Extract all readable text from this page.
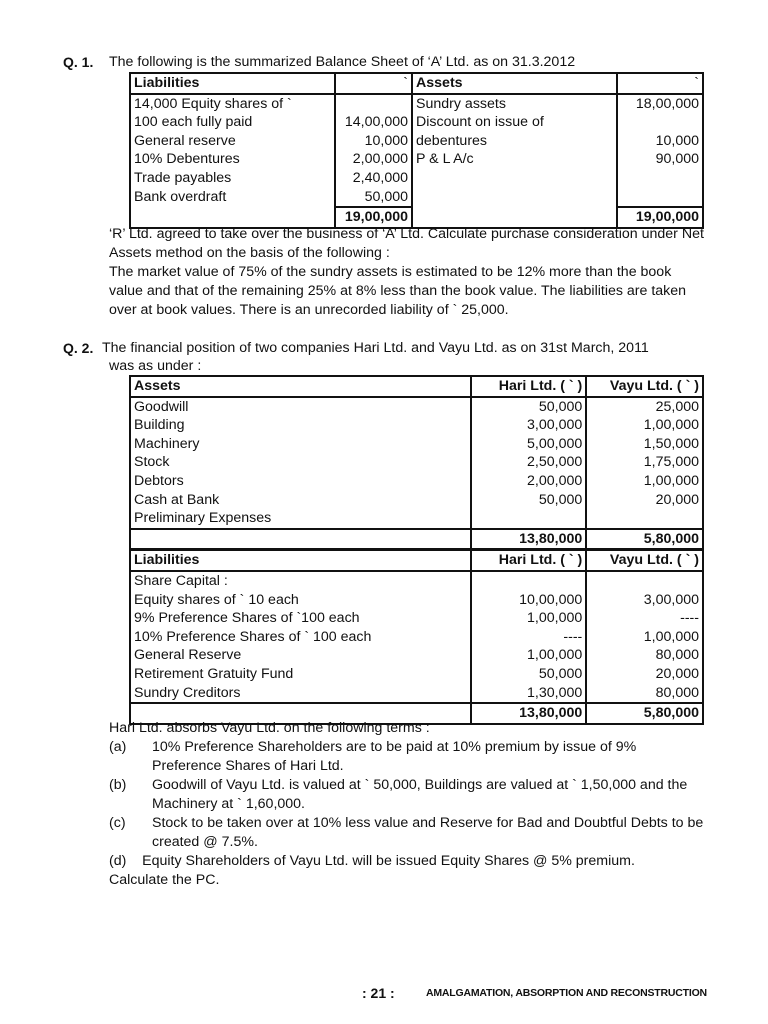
Q. 1. The following is the summarized Balance Sheet of ‘A’ Ltd. as on 31.3.2012
Liabilities	`	Assets	`
14,000 Equity shares of `		Sundry assets	18,00,000
100 each fully paid	14,00,000	Discount on issue of	
General reserve	10,000	debentures	10,000
10% Debentures	2,00,000	P & L A/c	90,000
Trade payables	2,40,000		
Bank overdraft	50,000		
	19,00,000		19,00,000
‘R’ Ltd. agreed to take over the business of ‘A’ Ltd. Calculate purchase consideration under Net Assets method on the basis of the following :
The market value of 75% of the sundry assets is estimated to be 12% more than the book value and that of the remaining 25% at 8% less than the book value. The liabilities are taken over at book values. There is an unrecorded liability of ` 25,000.
Q. 2. The financial position of two companies Hari Ltd. and Vayu Ltd. as on 31st March, 2011
was as under :
Assets	Hari Ltd. ( ` )	Vayu Ltd. ( ` )
Goodwill	50,000	25,000
Building	3,00,000	1,00,000
Machinery	5,00,000	1,50,000
Stock	2,50,000	1,75,000
Debtors	2,00,000	1,00,000
Cash at Bank	50,000	20,000
Preliminary Expenses		
	13,80,000	5,80,000
Liabilities	Hari Ltd. ( ` )	Vayu Ltd. ( ` )
Share Capital :		
Equity shares of ` 10 each	10,00,000	3,00,000
9% Preference Shares of `100 each	1,00,000	----
10% Preference Shares of ` 100 each	----	1,00,000
General Reserve	1,00,000	80,000
Retirement Gratuity Fund	50,000	20,000
Sundry Creditors	1,30,000	80,000
	13,80,000	5,80,000
Hari Ltd. absorbs Vayu Ltd. on the following terms :
(a)	10% Preference Shareholders are to be paid at 10% premium by issue of 9% Preference Shares of Hari Ltd.
(b)	Goodwill of Vayu Ltd. is valued at ` 50,000, Buildings are valued at ` 1,50,000 and the Machinery at ` 1,60,000.
(c)	Stock to be taken over at 10% less value and Reserve for Bad and Doubtful Debts to be created @ 7.5%.
(d)    Equity Shareholders of Vayu Ltd. will be issued Equity Shares @ 5% premium.
Calculate the PC.
: 21 :	AMALGAMATION, ABSORPTION AND RECONSTRUCTION
